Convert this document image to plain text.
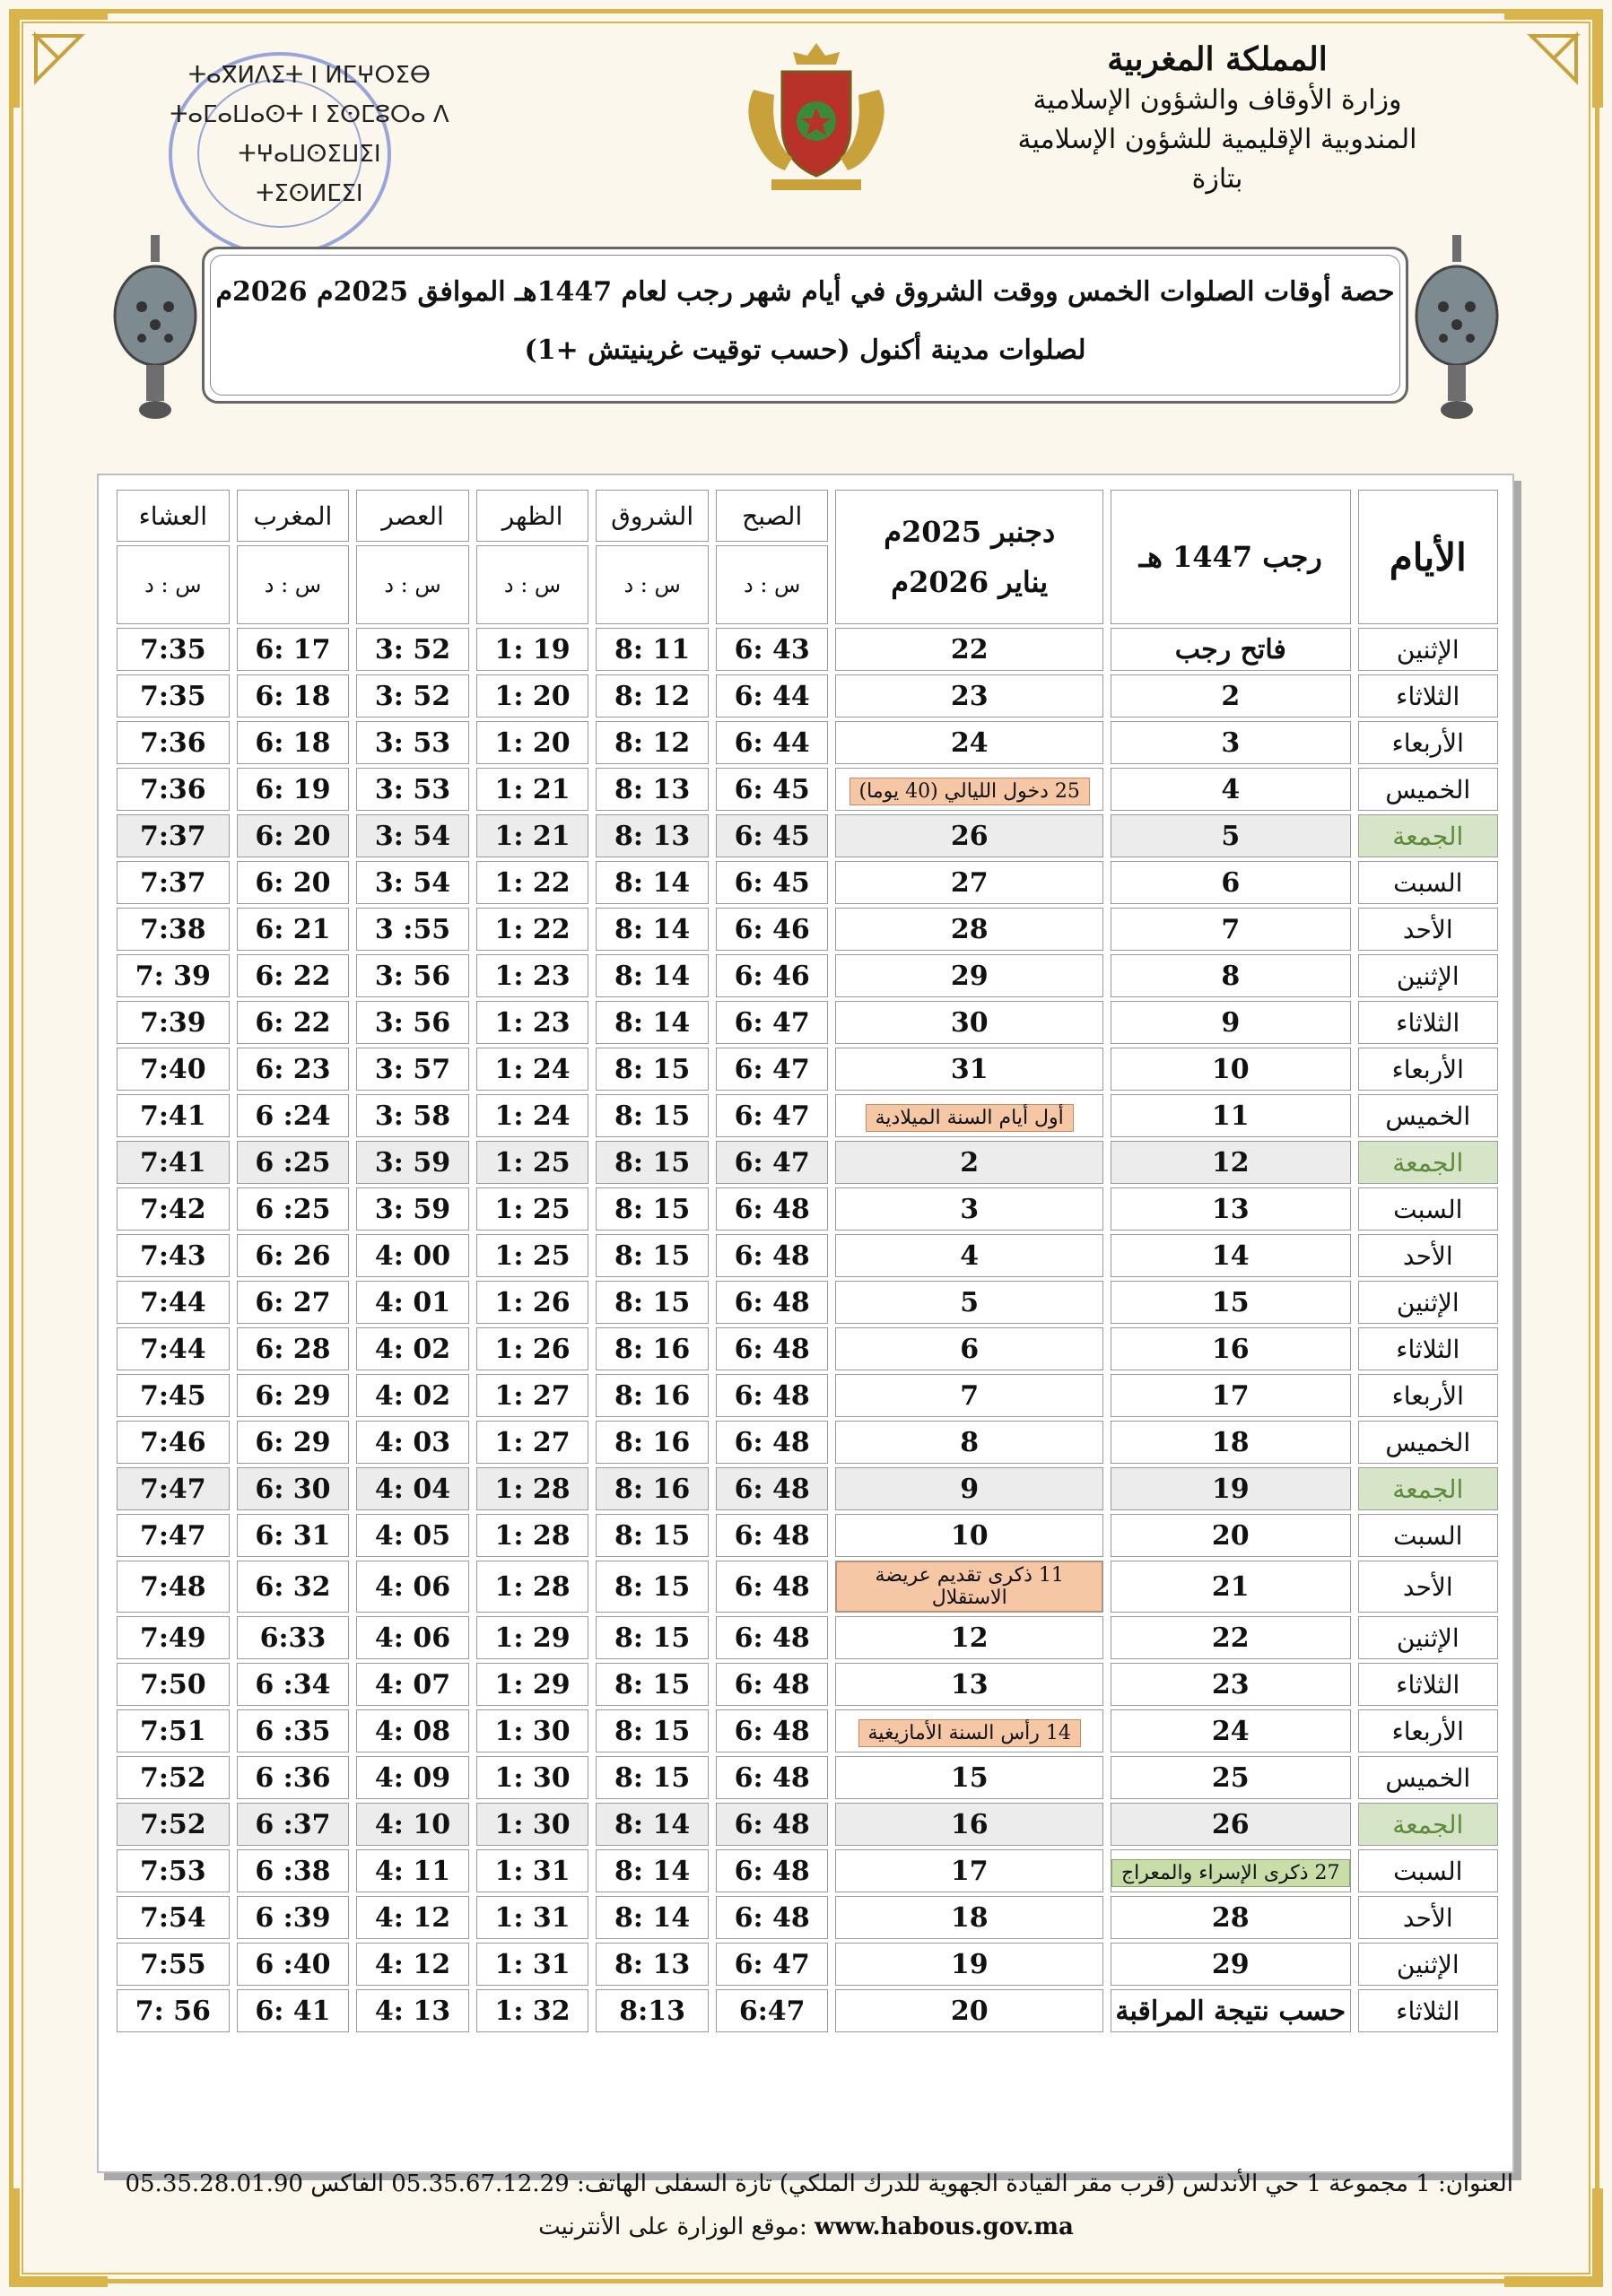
المملكة المغربية
وزارة الأوقاف والشؤون الإسلامية
المندوبية الإقليمية للشؤون الإسلامية
بتازة
ⵜⴰⴳⵍⴷⵉⵜ ⵏ ⵍⵎⵖⵔⵉⴱ
ⵜⴰⵎⴰⵡⴰⵙⵜ ⵏ ⵉⵙⵎⵓⵔⴰ ⴷ ⵜⵖⴰⵡⵙⵉⵡⵉⵏ
ⵜⵉⵙⵍⵎⵉⵏ
حصة أوقات الصلوات الخمس ووقت الشروق في أيام شهر رجب لعام 1447هـ الموافق 2025م 2026م
لصلوات مدينة أكنول (حسب توقيت غرينيتش +1)
الأيام	رجب 1447 هـ	دجنبر 2025م
يناير 2026م	الصبح	الشروق	الظهر	العصر	المغرب	العشاء
			س : د	س : د	س : د	س : د	س : د	س : د
الإثنين	فاتح رجب	22	6: 43	8: 11	1: 19	3: 52	6: 17	7:35
الثلاثاء	2	23	6: 44	8: 12	1: 20	3: 52	6: 18	7:35
الأربعاء	3	24	6: 44	8: 12	1: 20	3: 53	6: 18	7:36
الخميس	4	25 دخول الليالي (40 يوما)	6: 45	8: 13	1: 21	3: 53	6: 19	7:36
الجمعة	5	26	6: 45	8: 13	1: 21	3: 54	6: 20	7:37
السبت	6	27	6: 45	8: 14	1: 22	3: 54	6: 20	7:37
الأحد	7	28	6: 46	8: 14	1: 22	3 :55	6: 21	7:38
الإثنين	8	29	6: 46	8: 14	1: 23	3: 56	6: 22	7: 39
الثلاثاء	9	30	6: 47	8: 14	1: 23	3: 56	6: 22	7:39
الأربعاء	10	31	6: 47	8: 15	1: 24	3: 57	6: 23	7:40
الخميس	11	أول أيام السنة الميلادية	6: 47	8: 15	1: 24	3: 58	6 :24	7:41
الجمعة	12	2	6: 47	8: 15	1: 25	3: 59	6 :25	7:41
السبت	13	3	6: 48	8: 15	1: 25	3: 59	6 :25	7:42
الأحد	14	4	6: 48	8: 15	1: 25	4: 00	6: 26	7:43
الإثنين	15	5	6: 48	8: 15	1: 26	4: 01	6: 27	7:44
الثلاثاء	16	6	6: 48	8: 16	1: 26	4: 02	6: 28	7:44
الأربعاء	17	7	6: 48	8: 16	1: 27	4: 02	6: 29	7:45
الخميس	18	8	6: 48	8: 16	1: 27	4: 03	6: 29	7:46
الجمعة	19	9	6: 48	8: 16	1: 28	4: 04	6: 30	7:47
السبت	20	10	6: 48	8: 15	1: 28	4: 05	6: 31	7:47
الأحد	21	11 ذكرى تقديم عريضة الاستقلال	6: 48	8: 15	1: 28	4: 06	6: 32	7:48
الإثنين	22	12	6: 48	8: 15	1: 29	4: 06	6:33	7:49
الثلاثاء	23	13	6: 48	8: 15	1: 29	4: 07	6 :34	7:50
الأربعاء	24	14 رأس السنة الأمازيغية	6: 48	8: 15	1: 30	4: 08	6 :35	7:51
الخميس	25	15	6: 48	8: 15	1: 30	4: 09	6 :36	7:52
الجمعة	26	16	6: 48	8: 14	1: 30	4: 10	6 :37	7:52
السبت	27 ذكرى الإسراء والمعراج	17	6: 48	8: 14	1: 31	4: 11	6 :38	7:53
الأحد	28	18	6: 48	8: 14	1: 31	4: 12	6 :39	7:54
الإثنين	29	19	6: 47	8: 13	1: 31	4: 12	6 :40	7:55
الثلاثاء	حسب نتيجة المراقبة	20	6:47	8:13	1: 32	4: 13	6: 41	7: 56
العنوان: 1 مجموعة 1 حي الأندلس (قرب مقر القيادة الجهوية للدرك الملكي) تازة السفلى الهاتف: 05.35.67.12.29 الفاكس 05.35.28.01.90
موقع الوزارة على الأنترنيت: www.habous.gov.ma
